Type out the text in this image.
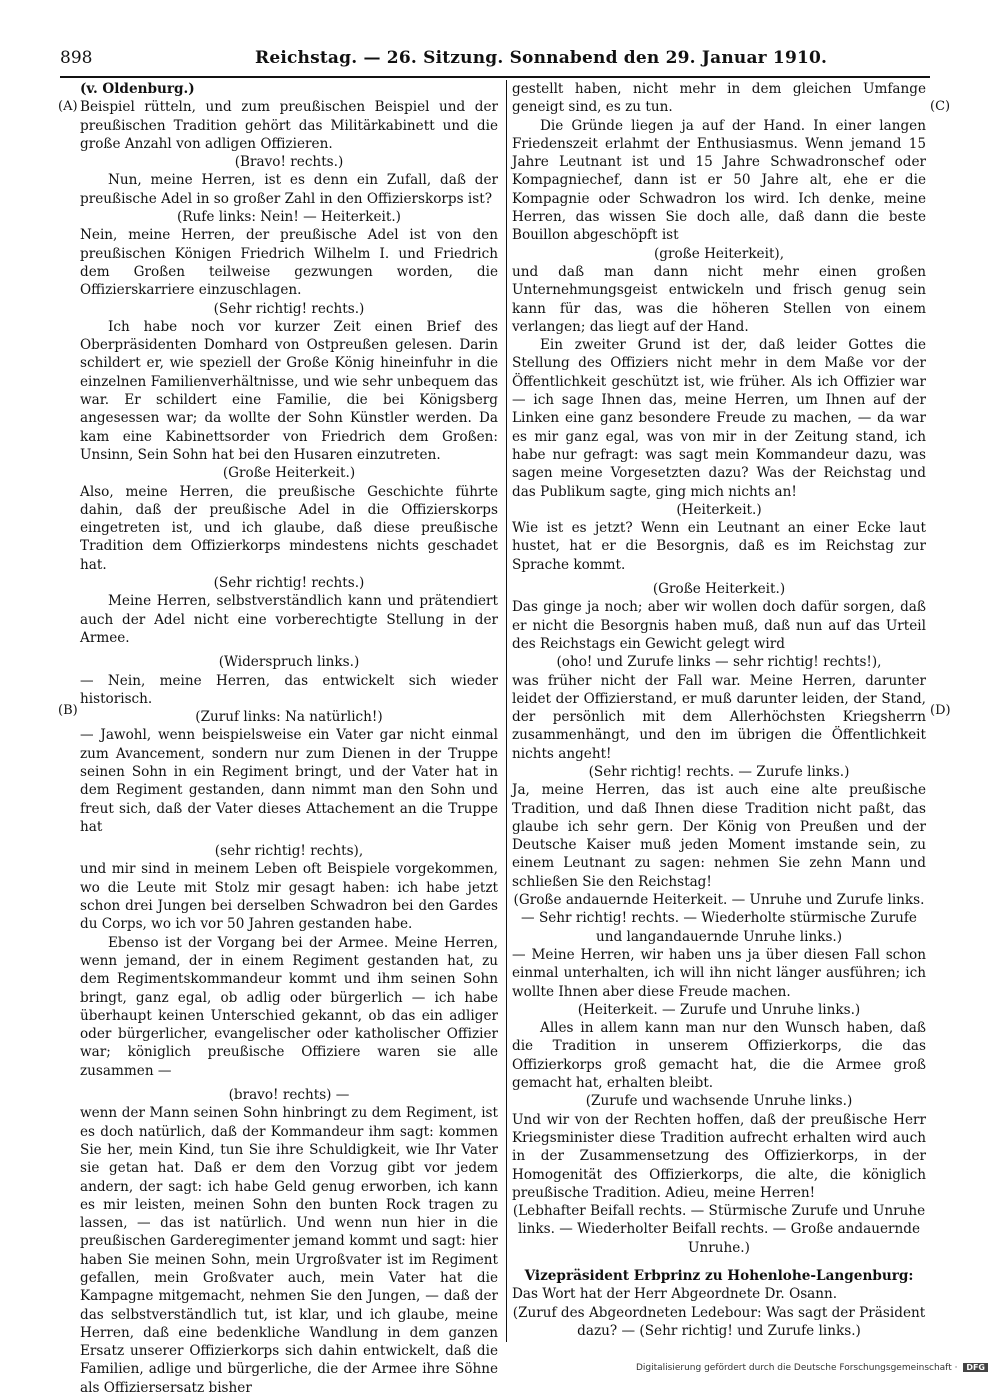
898	Reichstag. — 26. Sitzung. Sonnabend den 29. Januar 1910.
(A)
(B)
(C)
(D)

(v. Oldenburg.)

Beispiel rütteln, und zum preußischen Beispiel und der preußischen Tradition gehört das Militärkabinett und die große Anzahl von adligen Offizieren.

(Bravo! rechts.)

Nun, meine Herren, ist es denn ein Zufall, daß der preußische Adel in so großer Zahl in den Offizierskorps ist?

(Rufe links: Nein! — Heiterkeit.)

Nein, meine Herren, der preußische Adel ist von den preußischen Königen Friedrich Wilhelm I. und Friedrich dem Großen teilweise gezwungen worden, die Offizierskarriere einzuschlagen.

(Sehr richtig! rechts.)

Ich habe noch vor kurzer Zeit einen Brief des Oberpräsidenten Domhard von Ostpreußen gelesen. Darin schildert er, wie speziell der Große König hineinfuhr in die einzelnen Familienverhältnisse, und wie sehr unbequem das war. Er schildert eine Familie, die bei Königsberg angesessen war; da wollte der Sohn Künstler werden. Da kam eine Kabinettsorder von Friedrich dem Großen: Unsinn, Sein Sohn hat bei den Husaren einzutreten.

(Große Heiterkeit.)

Also, meine Herren, die preußische Geschichte führte dahin, daß der preußische Adel in die Offizierskorps eingetreten ist, und ich glaube, daß diese preußische Tradition dem Offizierkorps mindestens nichts geschadet hat.

(Sehr richtig! rechts.)

Meine Herren, selbstverständlich kann und prätendiert auch der Adel nicht eine vorberechtigte Stellung in der Armee.

(Widerspruch links.)

— Nein, meine Herren, das entwickelt sich wieder historisch.

(Zuruf links: Na natürlich!)

— Jawohl, wenn beispielsweise ein Vater gar nicht einmal zum Avancement, sondern nur zum Dienen in der Truppe seinen Sohn in ein Regiment bringt, und der Vater hat in dem Regiment gestanden, dann nimmt man den Sohn und freut sich, daß der Vater dieses Attachement an die Truppe hat

(sehr richtig! rechts),

und mir sind in meinem Leben oft Beispiele vorgekommen, wo die Leute mit Stolz mir gesagt haben: ich habe jetzt schon drei Jungen bei derselben Schwadron bei den Gardes du Corps, wo ich vor 50 Jahren gestanden habe.

Ebenso ist der Vorgang bei der Armee. Meine Herren, wenn jemand, der in einem Regiment gestanden hat, zu dem Regimentskommandeur kommt und ihm seinen Sohn bringt, ganz egal, ob adlig oder bürgerlich — ich habe überhaupt keinen Unterschied gekannt, ob das ein adliger oder bürgerlicher, evangelischer oder katholischer Offizier war; königlich preußische Offiziere waren sie alle zusammen —

(bravo! rechts) —

wenn der Mann seinen Sohn hinbringt zu dem Regiment, ist es doch natürlich, daß der Kommandeur ihm sagt: kommen Sie her, mein Kind, tun Sie ihre Schuldigkeit, wie Ihr Vater sie getan hat. Daß er dem den Vorzug gibt vor jedem andern, der sagt: ich habe Geld genug erworben, ich kann es mir leisten, meinen Sohn den bunten Rock tragen zu lassen, — das ist natürlich. Und wenn nun hier in die preußischen Garderegimenter jemand kommt und sagt: hier haben Sie meinen Sohn, mein Urgroßvater ist im Regiment gefallen, mein Großvater auch, mein Vater hat die Kampagne mitgemacht, nehmen Sie den Jungen, — daß der das selbstverständlich tut, ist klar, und ich glaube, meine Herren, daß eine bedenkliche Wandlung in dem ganzen Ersatz unserer Offizierkorps sich dahin entwickelt, daß die Familien, adlige und bürgerliche, die der Armee ihre Söhne als Offiziersersatz bisher

gestellt haben, nicht mehr in dem gleichen Umfange geneigt sind, es zu tun.

Die Gründe liegen ja auf der Hand. In einer langen Friedenszeit erlahmt der Enthusiasmus. Wenn jemand 15 Jahre Leutnant ist und 15 Jahre Schwadronschef oder Kompagniechef, dann ist er 50 Jahre alt, ehe er die Kompagnie oder Schwadron los wird. Ich denke, meine Herren, das wissen Sie doch alle, daß dann die beste Bouillon abgeschöpft ist

(große Heiterkeit),

und daß man dann nicht mehr einen großen Unternehmungsgeist entwickeln und frisch genug sein kann für das, was die höheren Stellen von einem verlangen; das liegt auf der Hand.

Ein zweiter Grund ist der, daß leider Gottes die Stellung des Offiziers nicht mehr in dem Maße vor der Öffentlichkeit geschützt ist, wie früher. Als ich Offizier war — ich sage Ihnen das, meine Herren, um Ihnen auf der Linken eine ganz besondere Freude zu machen, — da war es mir ganz egal, was von mir in der Zeitung stand, ich habe nur gefragt: was sagt mein Kommandeur dazu, was sagen meine Vorgesetzten dazu? Was der Reichstag und das Publikum sagte, ging mich nichts an!

(Heiterkeit.)

Wie ist es jetzt? Wenn ein Leutnant an einer Ecke laut hustet, hat er die Besorgnis, daß es im Reichstag zur Sprache kommt.

(Große Heiterkeit.)

Das ginge ja noch; aber wir wollen doch dafür sorgen, daß er nicht die Besorgnis haben muß, daß nun auf das Urteil des Reichstags ein Gewicht gelegt wird

(oho! und Zurufe links — sehr richtig! rechts!),

was früher nicht der Fall war. Meine Herren, darunter leidet der Offizierstand, er muß darunter leiden, der Stand, der persönlich mit dem Allerhöchsten Kriegsherrn zusammenhängt, und den im übrigen die Öffentlichkeit nichts angeht!

(Sehr richtig! rechts. — Zurufe links.)

Ja, meine Herren, das ist auch eine alte preußische Tradition, und daß Ihnen diese Tradition nicht paßt, das glaube ich sehr gern. Der König von Preußen und der Deutsche Kaiser muß jeden Moment imstande sein, zu einem Leutnant zu sagen: nehmen Sie zehn Mann und schließen Sie den Reichstag!

(Große andauernde Heiterkeit. — Unruhe und Zurufe links. — Sehr richtig! rechts. — Wiederholte stürmische Zurufe und langandauernde Unruhe links.)

— Meine Herren, wir haben uns ja über diesen Fall schon einmal unterhalten, ich will ihn nicht länger ausführen; ich wollte Ihnen aber diese Freude machen.

(Heiterkeit. — Zurufe und Unruhe links.)

Alles in allem kann man nur den Wunsch haben, daß die Tradition in unserem Offizierkorps, die das Offizierkorps groß gemacht hat, die die Armee groß gemacht hat, erhalten bleibt.

(Zurufe und wachsende Unruhe links.)

Und wir von der Rechten hoffen, daß der preußische Herr Kriegsminister diese Tradition aufrecht erhalten wird auch in der Zusammensetzung des Offizierkorps, in der Homogenität des Offizierkorps, die alte, die königlich preußische Tradition. Adieu, meine Herren!

(Lebhafter Beifall rechts. — Stürmische Zurufe und Unruhe links. — Wiederholter Beifall rechts. — Große andauernde Unruhe.)

Vizepräsident Erbprinz zu Hohenlohe-Langenburg:

Das Wort hat der Herr Abgeordnete Dr. Osann.

(Zuruf des Abgeordneten Ledebour: Was sagt der Präsident dazu? — (Sehr richtig! und Zurufe links.)

Digitalisierung gefördert durch die Deutsche Forschungsgemeinschaft · DFG
